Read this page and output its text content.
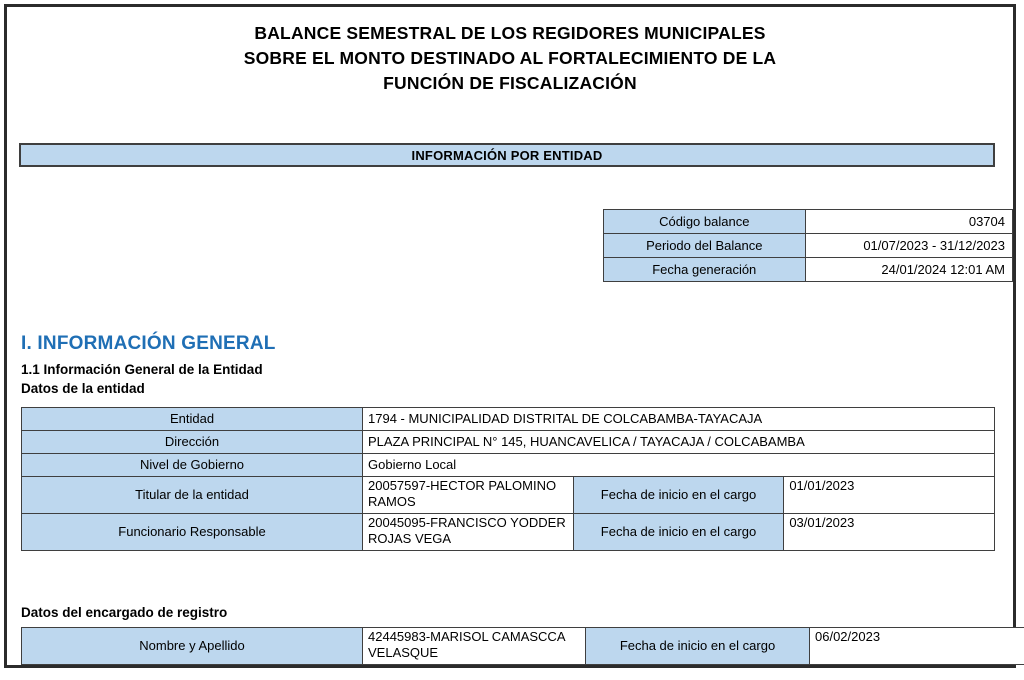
BALANCE SEMESTRAL DE LOS REGIDORES MUNICIPALES
SOBRE EL MONTO DESTINADO AL FORTALECIMIENTO DE LA
FUNCIÓN DE FISCALIZACIÓN
INFORMACIÓN POR ENTIDAD
Código balance	03704
Periodo del Balance	01/07/2023 - 31/12/2023
Fecha generación	24/01/2024 12:01 AM
I. INFORMACIÓN GENERAL
1.1 Información General de la Entidad
Datos de la entidad
Entidad	1794 - MUNICIPALIDAD DISTRITAL DE COLCABAMBA-TAYACAJA		
Dirección	PLAZA PRINCIPAL N° 145, HUANCAVELICA / TAYACAJA / COLCABAMBA		
Nivel de Gobierno	Gobierno Local		
Titular de la entidad	20057597-HECTOR PALOMINO RAMOS	Fecha de inicio en el cargo	01/01/2023
Funcionario Responsable	20045095-FRANCISCO YODDER ROJAS VEGA	Fecha de inicio en el cargo	03/01/2023
Datos del encargado de registro
Nombre y Apellido	42445983-MARISOL CAMASCCA VELASQUE	Fecha de inicio en el cargo	06/02/2023
